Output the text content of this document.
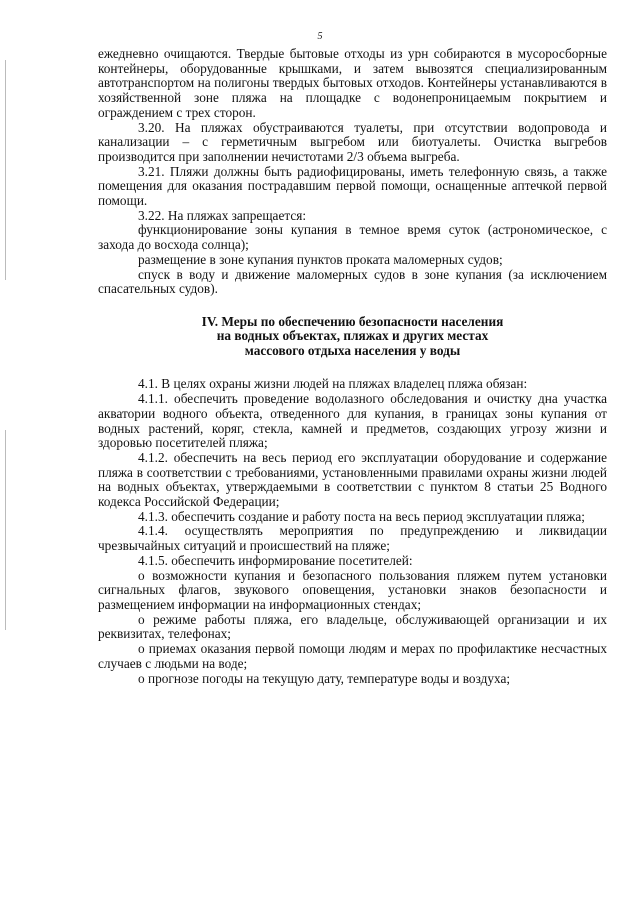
5

ежедневно очищаются. Твердые бытовые отходы из урн собираются в мусоросборные контейнеры, оборудованные крышками, и затем вывозятся специализированным автотранспортом на полигоны твердых бытовых отходов. Контейнеры устанавливаются в хозяйственной зоне пляжа на площадке с водонепроницаемым покрытием и ограждением с трех сторон.

3.20. На пляжах обустраиваются туалеты, при отсутствии водопровода и канализации – с герметичным выгребом или биотуалеты. Очистка выгребов производится при заполнении нечистотами 2/3 объема выгреба.

3.21. Пляжи должны быть радиофицированы, иметь телефонную связь, а также помещения для оказания пострадавшим первой помощи, оснащенные аптечкой первой помощи.

3.22. На пляжах запрещается:

функционирование зоны купания в темное время суток (астрономическое, с захода до восхода солнца);

размещение в зоне купания пунктов проката маломерных судов;

спуск в воду и движение маломерных судов в зоне купания (за исключением спасательных судов).

IV. Меры по обеспечению безопасности населения
на водных объектах, пляжах и других местах
массового отдыха населения у воды

4.1. В целях охраны жизни людей на пляжах владелец пляжа обязан:

4.1.1. обеспечить проведение водолазного обследования и очистку дна участка акватории водного объекта, отведенного для купания, в границах зоны купания от водных растений, коряг, стекла, камней и предметов, создающих угрозу жизни и здоровью посетителей пляжа;

4.1.2. обеспечить на весь период его эксплуатации оборудование и содержание пляжа в соответствии с требованиями, установленными правилами охраны жизни людей на водных объектах, утверждаемыми в соответствии с пунктом 8 статьи 25 Водного кодекса Российской Федерации;

4.1.3. обеспечить создание и работу поста на весь период эксплуатации пляжа;

4.1.4. осуществлять мероприятия по предупреждению и ликвидации чрезвычайных ситуаций и происшествий на пляже;

4.1.5. обеспечить информирование посетителей:

о возможности купания и безопасного пользования пляжем путем установки сигнальных флагов, звукового оповещения, установки знаков безопасности и размещением информации на информационных стендах;

о режиме работы пляжа, его владельце, обслуживающей организации и их реквизитах, телефонах;

о приемах оказания первой помощи людям и мерах по профилактике несчастных случаев с людьми на воде;

о прогнозе погоды на текущую дату, температуре воды и воздуха;
